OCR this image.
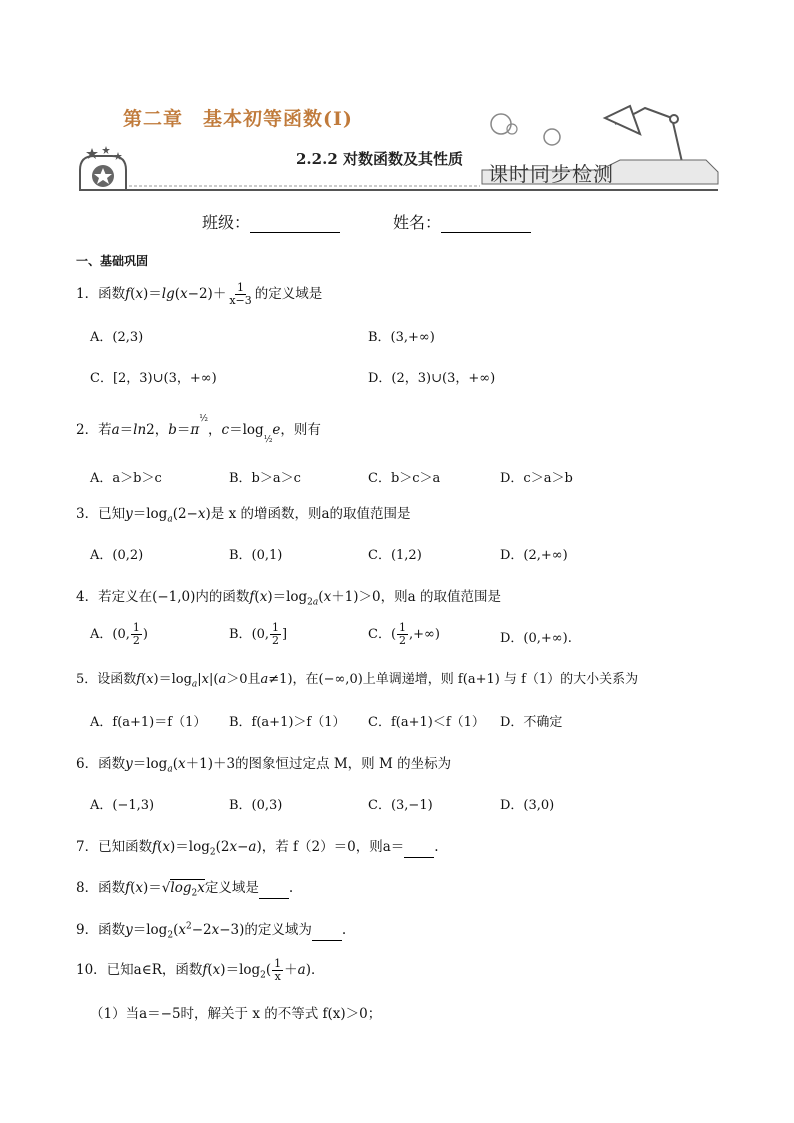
第二章　基本初等函数(Ⅰ)
2.2.2 对数函数及其性质
课时同步检测
班级：	姓名：
一、基础巩固
1．函数$f(x)=\lg(x-2)+ \frac{1}{x-3}$ 的定义域是
A．(2,3)	B．(3,+∞)
C．[2，3)∪(3，+∞)	D．(2，3)∪(3，+∞)
2．若a＝ln2，$b=\pi^{\frac{1}{2}}$，$c=\log_{\frac{1}{2}}e$，则有
A．a＞b＞c	B．b＞a＞c	C．b＞c＞a	D．c＞a＞b
3．已知$y=\log_a(2-x)$是 x 的增函数，则a的取值范围是
A．(0,2)	B．(0,1)	C．(1,2)	D．(2,+∞)
4．若定义在(−1,0)内的函数$f(x)=\log_{2a}(x+1)>0$，则a 的取值范围是
A．(0, $\frac{1}{2}$ )	B．(0, $\frac{1}{2}$ ]	C．( $\frac{1}{2}$ ,+∞)	D．(0,+∞).
5．设函数$f(x)=\log_a|x|(a>0$且a≠1)，在(−∞,0)上单调递增，则 f(a+1) 与 f（1）的大小关系为
A．f(a+1)＝f（1） B．f(a+1)＞f（1） C．f(a+1)＜f（1） D．不确定
6．函数$y=\log_a(x+1)+3$的图象恒过定点 M，则 M 的坐标为
A．(−1,3)	B．(0,3)	C．(3,−1)	D．(3,0)
7．已知函数$f(x)=\log_2(2x-a)$，若 f（2）＝0，则a＝ .
8．函数$f(x)=√\log_2x$定义域是 .
9．函数$y=\log_2(x^2-2x-3)$的定义域为 .
10．已知a∈R，函数$f(x)=\log_2( \frac{1}{x} +a)$．
（1）当a＝−5时，解关于 x 的不等式 f(x)＞0；
